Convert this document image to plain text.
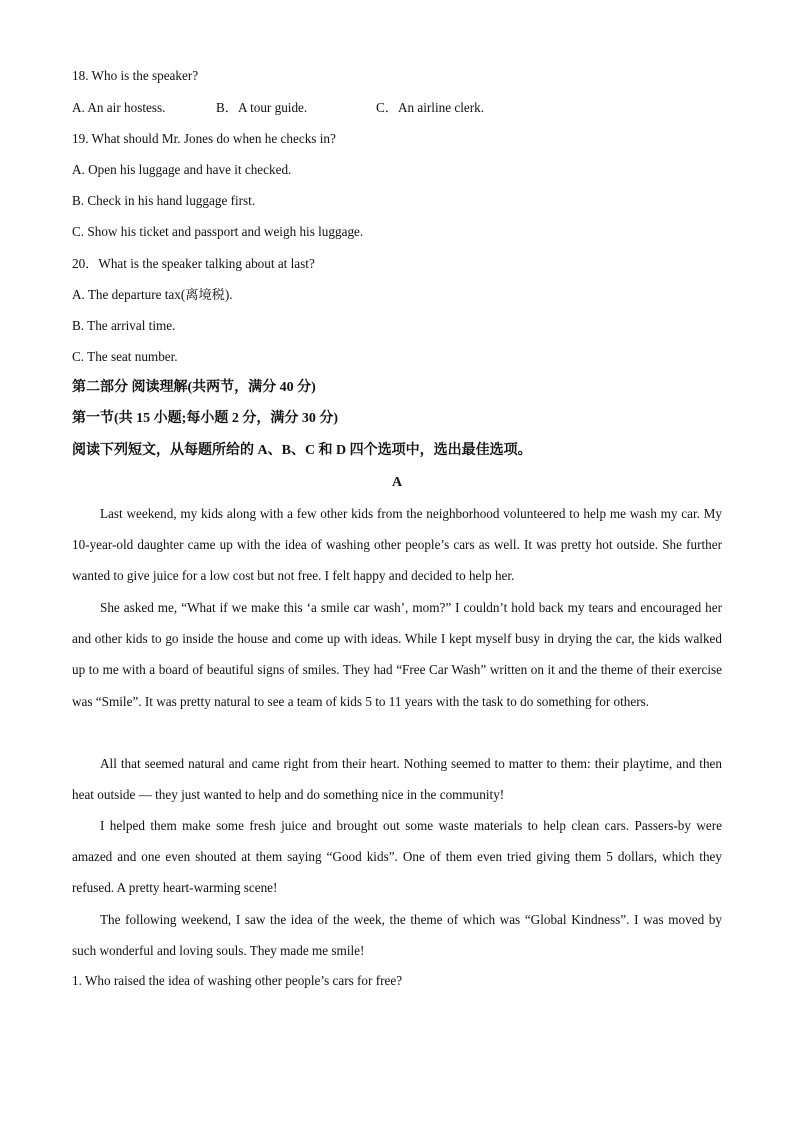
18. Who is the speaker?
A. An air hostess.	B．A tour guide.	C．An airline clerk.
19. What should Mr. Jones do when he checks in?
A. Open his luggage and have it checked.
B. Check in his hand luggage first.
C. Show his ticket and passport and weigh his luggage.
20．What is the speaker talking about at last?
A. The departure tax(离境税).
B. The arrival time.
C. The seat number.
第二部分 阅读理解(共两节，满分 40 分)
第一节(共 15 小题;每小题 2 分，满分 30 分)
阅读下列短文，从每题所给的 A、B、C 和 D 四个选项中，选出最佳选项。
A
Last weekend, my kids along with a few other kids from the neighborhood volunteered to help me wash my car. My 10-year-old daughter came up with the idea of washing other people’s cars as well. It was pretty hot outside. She further wanted to give juice for a low cost but not free. I felt happy and decided to help her.
She asked me, “What if we make this ‘a smile car wash’, mom?” I couldn’t hold back my tears and encouraged her and other kids to go inside the house and come up with ideas. While I kept myself busy in drying the car, the kids walked up to me with a board of beautiful signs of smiles. They had “Free Car Wash” written on it and the theme of their exercise was “Smile”. It was pretty natural to see a team of kids 5 to 11 years with the task to do something for others.
All that seemed natural and came right from their heart. Nothing seemed to matter to them: their playtime, and then heat outside — they just wanted to help and do something nice in the community!
I helped them make some fresh juice and brought out some waste materials to help clean cars. Passers-by were amazed and one even shouted at them saying “Good kids”. One of them even tried giving them 5 dollars, which they refused. A pretty heart-warming scene!
The following weekend, I saw the idea of the week, the theme of which was “Global Kindness”. I was moved by such wonderful and loving souls. They made me smile!
1. Who raised the idea of washing other people’s cars for free?
